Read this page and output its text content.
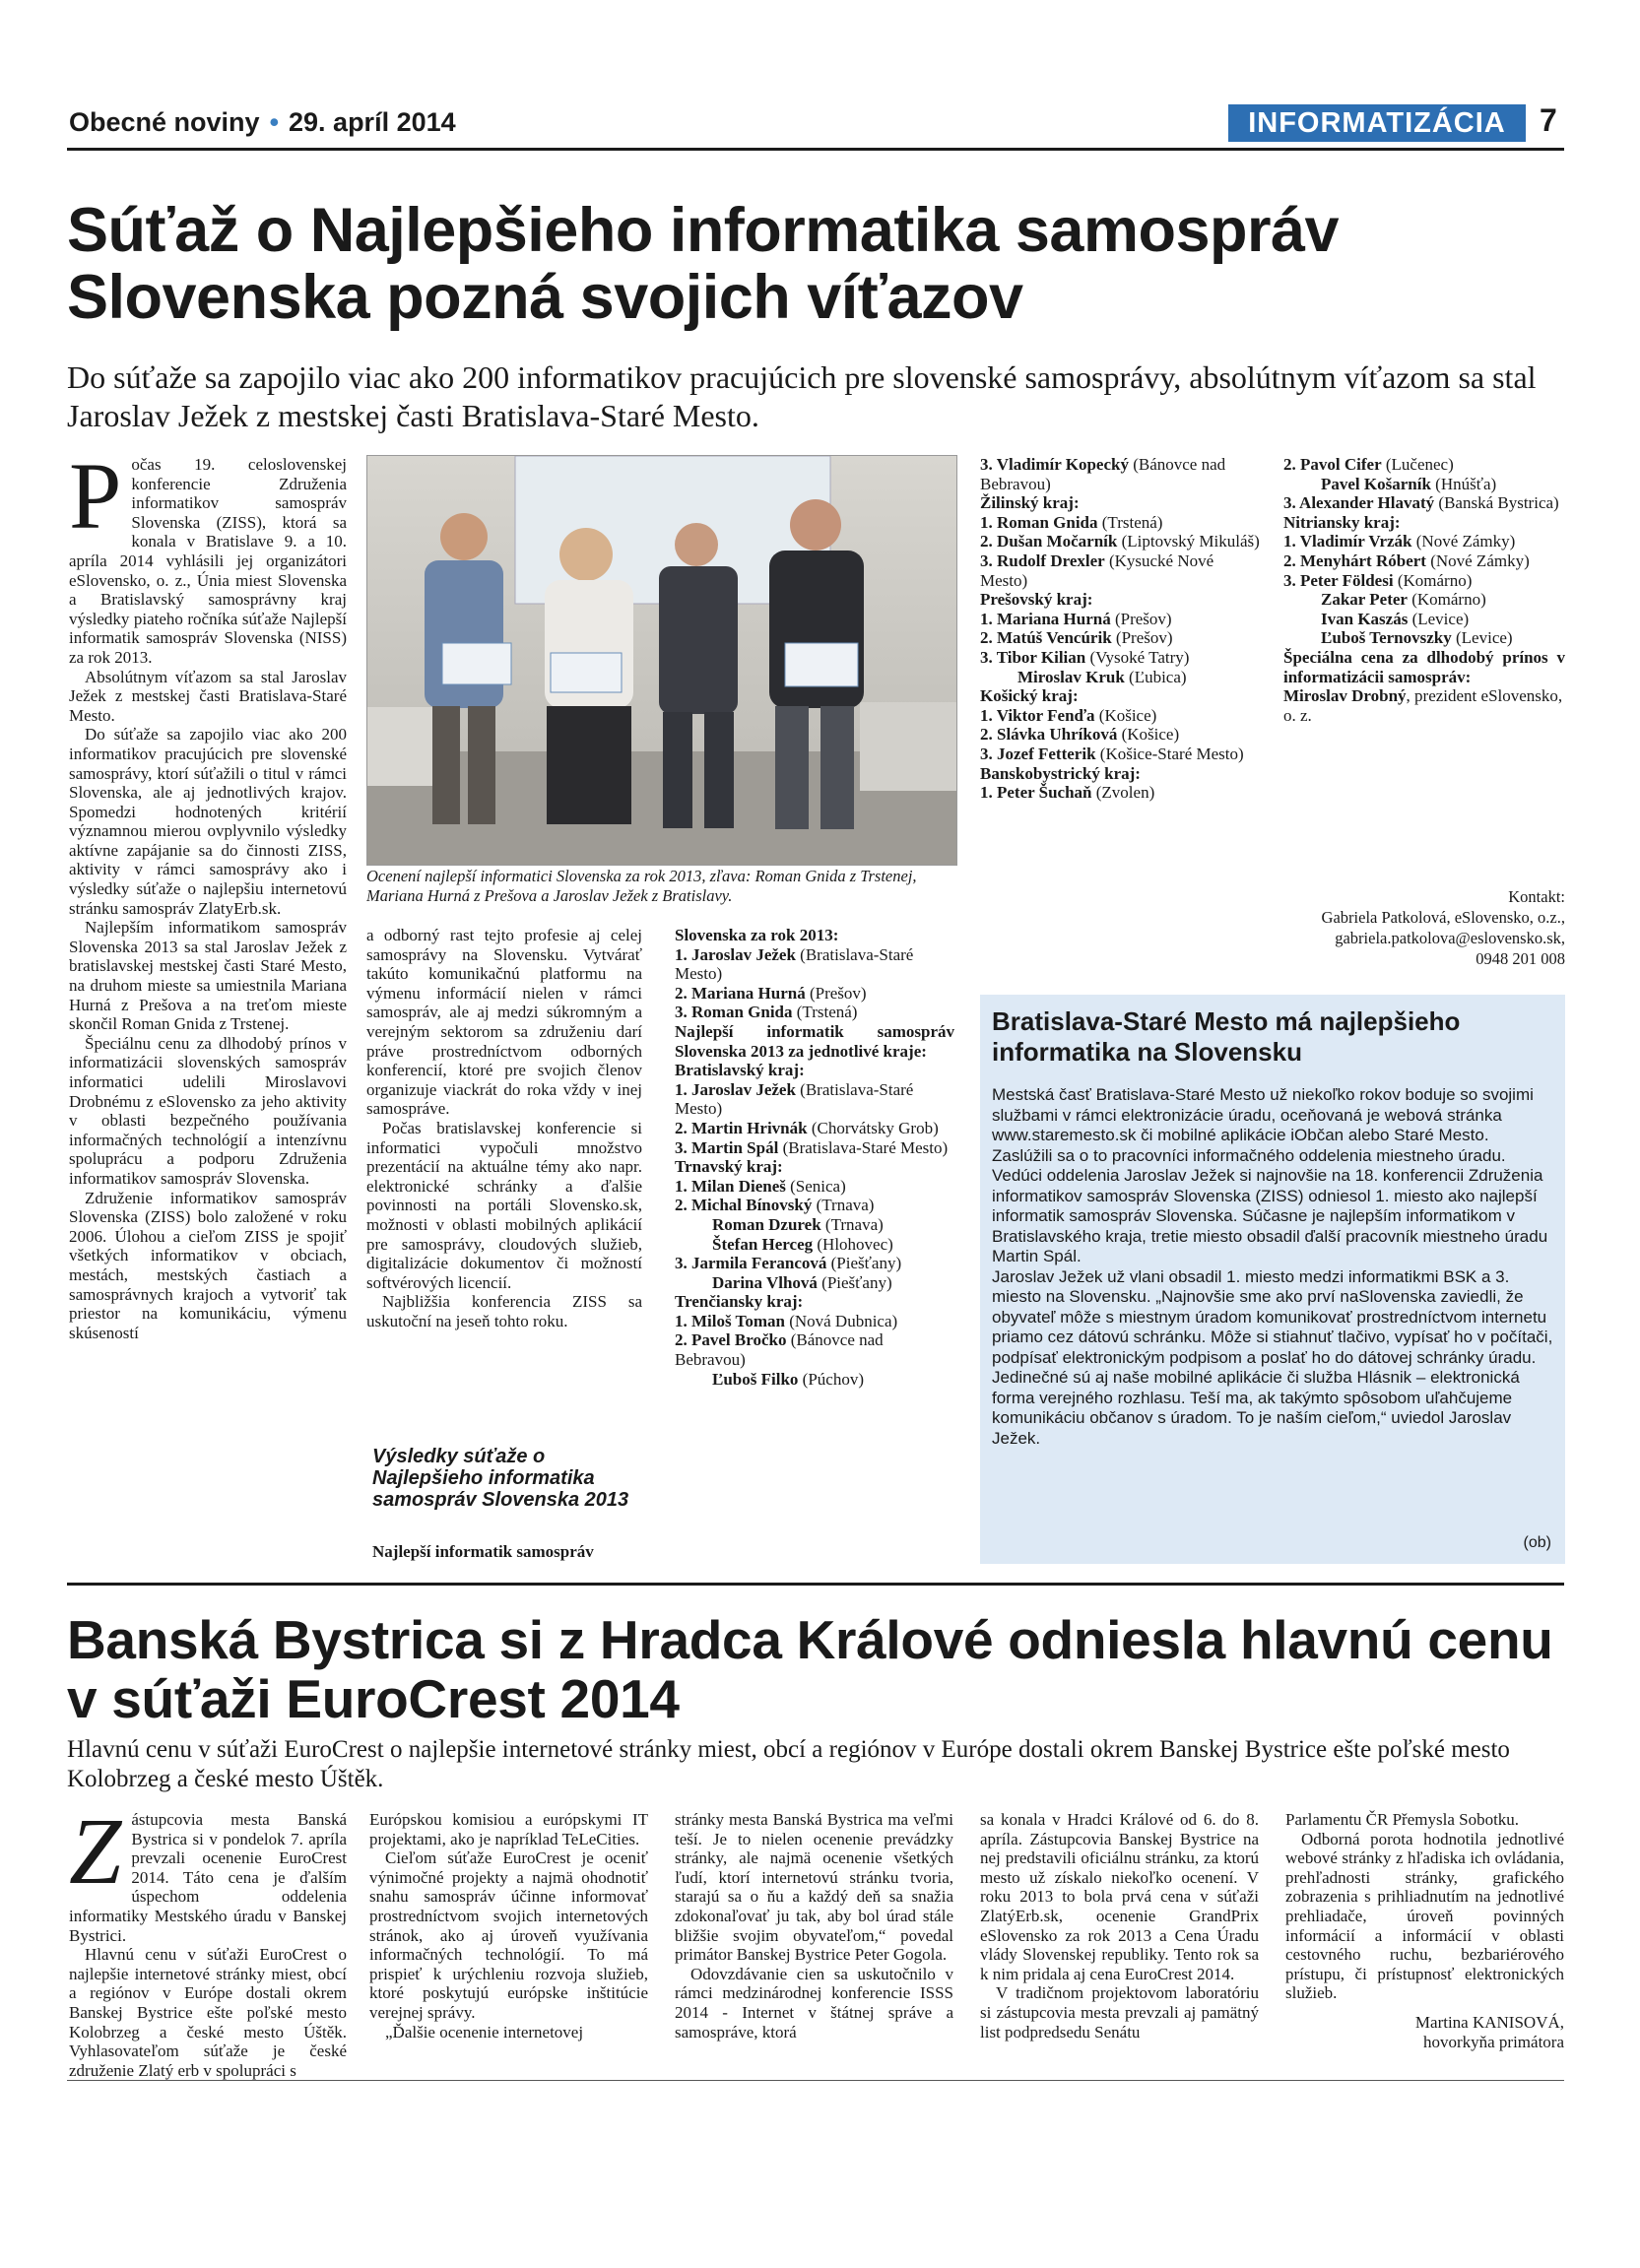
Obecné noviny • 29. apríl 2014	INFORMATIZÁCIA	7
Súťaž o Najlepšieho informatika samospráv Slovenska pozná svojich víťazov

Do súťaže sa zapojilo viac ako 200 informatikov pracujúcich pre slovenské samosprávy, absolútnym víťazom sa stal Jaroslav Ježek z mestskej časti Bratislava-Staré Mesto.

Počas 19. celoslovenskej konferencie Združenia informatikov samospráv Slovenska (ZISS), ktorá sa konala v Bratislave 9. a 10. apríla 2014 vyhlásili jej organizátori eSlovensko, o. z., Únia miest Slovenska a Bratislavský samosprávny kraj výsledky piateho ročníka súťaže Najlepší informatik samospráv Slovenska (NISS) za rok 2013.

Absolútnym víťazom sa stal Jaroslav Ježek z mestskej časti Bratislava-Staré Mesto.

Do súťaže sa zapojilo viac ako 200 informatikov pracujúcich pre slovenské samosprávy, ktorí súťažili o titul v rámci Slovenska, ale aj jednotlivých krajov. Spomedzi hodnotených kritérií významnou mierou ovplyvnilo výsledky aktívne zapájanie sa do činnosti ZISS, aktivity v rámci samosprávy ako i výsledky súťaže o najlepšiu internetovú stránku samospráv ZlatyErb.sk.

Najlepším informatikom samospráv Slovenska 2013 sa stal Jaroslav Ježek z bratislavskej mestskej časti Staré Mesto, na druhom mieste sa umiestnila Mariana Hurná z Prešova a na treťom mieste skončil Roman Gnida z Trstenej.

Špeciálnu cenu za dlhodobý prínos v informatizácii slovenských samospráv informatici udelili Miroslavovi Drobnému z eSlovensko za jeho aktivity v oblasti bezpečného používania informačných technológií a intenzívnu spoluprácu a podporu Združenia informatikov samospráv Slovenska.

Združenie informatikov samospráv Slovenska (ZISS) bolo založené v roku 2006. Úlohou a cieľom ZISS je spojiť všetkých informatikov v obciach, mestách, mestských častiach a samosprávnych krajoch a vytvoriť tak priestor na komunikáciu, výmenu skúseností

Ocenení najlepší informatici Slovenska za rok 2013, zľava: Roman Gnida z Trstenej, Mariana Hurná z Prešova a Jaroslav Ježek z Bratislavy.

a odborný rast tejto profesie aj celej samosprávy na Slovensku. Vytvárať takúto komunikačnú platformu na výmenu informácií nielen v rámci samospráv, ale aj medzi súkromným a verejným sektorom sa združeniu darí práve prostredníctvom odborných konferencií, ktoré pre svojich členov organizuje viackrát do roka vždy v inej samospráve.

Počas bratislavskej konferencie si informatici vypočuli množstvo prezentácií na aktuálne témy ako napr. elektronické schránky a ďalšie povinnosti na portáli Slovensko.sk, možnosti v oblasti mobilných aplikácií pre samosprávy, cloudových služieb, digitalizácie dokumentov či možností softvérových licencií.

Najbližšia konferencia ZISS sa uskutoční na jeseň tohto roku.

Výsledky súťaže o Najlepšieho informatika samospráv Slovenska 2013

Najlepší informatik samospráv

Slovenska za rok 2013:

1. Jaroslav Ježek (Bratislava-Staré Mesto)

2. Mariana Hurná (Prešov)

3. Roman Gnida (Trstená)

Najlepší informatik samospráv Slovenska 2013 za jednotlivé kraje:

Bratislavský kraj:

1. Jaroslav Ježek (Bratislava-Staré Mesto)

2. Martin Hrivnák (Chorvátsky Grob)

3. Martin Spál (Bratislava-Staré Mesto)

Trnavský kraj:

1. Milan Dieneš (Senica)

2. Michal Bínovský (Trnava)

Roman Dzurek (Trnava)

Štefan Herceg (Hlohovec)

3. Jarmila Ferancová (Piešťany)

Darina Vlhová (Piešťany)

Trenčiansky kraj:

1. Miloš Toman (Nová Dubnica)

2. Pavel Bročko (Bánovce nad Bebravou)

Ľuboš Filko (Púchov)

3. Vladimír Kopecký (Bánovce nad Bebravou)

Žilinský kraj:

1. Roman Gnida (Trstená)

2. Dušan Močarník (Liptovský Mikuláš)

3. Rudolf Drexler (Kysucké Nové Mesto)

Prešovský kraj:

1. Mariana Hurná (Prešov)

2. Matúš Vencúrik (Prešov)

3. Tibor Kilian (Vysoké Tatry)

Miroslav Kruk (Ľubica)

Košický kraj:

1. Viktor Fenďa (Košice)

2. Slávka Uhríková (Košice)

3. Jozef Fetterik (Košice-Staré Mesto)

Banskobystrický kraj:

1. Peter Šuchaň (Zvolen)

2. Pavol Cifer (Lučenec)

Pavel Košarník (Hnúšťa)

3. Alexander Hlavatý (Banská Bystrica)

Nitriansky kraj:

1. Vladimír Vrzák (Nové Zámky)

2. Menyhárt Róbert (Nové Zámky)

3. Peter Földesi (Komárno)

Zakar Peter (Komárno)

Ivan Kaszás (Levice)

Ľuboš Ternovszky (Levice)

Špeciálna cena za dlhodobý prínos v informatizácii samospráv:

Miroslav Drobný, prezident eSlovensko, o. z.

Kontakt:
Gabriela Patkolová, eSlovensko, o.z.,
gabriela.patkolova@eslovensko.sk,
0948 201 008
Bratislava-Staré Mesto má najlepšieho informatika na Slovensku

Mestská časť Bratislava-Staré Mesto už niekoľko rokov boduje so svojimi službami v rámci elektronizácie úradu, oceňovaná je webová stránka www.staremesto.sk či mobilné aplikácie iObčan alebo Staré Mesto. Zaslúžili sa o to pracovníci informačného oddelenia miestneho úradu. Vedúci oddelenia Jaroslav Ježek si najnovšie na 18. konferencii Združenia informatikov samospráv Slovenska (ZISS) odniesol 1. miesto ako najlepší informatik samospráv Slovenska. Súčasne je najlepším informatikom v Bratislavského kraja, tretie miesto obsadil ďalší pracovník miestneho úradu Martin Spál.

Jaroslav Ježek už vlani obsadil 1. miesto medzi informatikmi BSK a 3. miesto na Slovensku. „Najnovšie sme ako prví naSlovenska zaviedli, že obyvateľ môže s miestnym úradom komunikovať prostredníctvom internetu priamo cez dátovú schránku. Môže si stiahnuť tlačivo, vypísať ho v počítači, podpísať elektronickým podpisom a poslať ho do dátovej schránky úradu. Jedinečné sú aj naše mobilné aplikácie či služba Hlásnik – elektronická forma verejného rozhlasu. Teší ma, ak takýmto spôsobom uľahčujeme komunikáciu občanov s úradom. To je naším cieľom,“ uviedol Jaroslav Ježek.

(ob)
Banská Bystrica si z Hradca Králové odniesla hlavnú cenu v súťaži EuroCrest 2014

Hlavnú cenu v súťaži EuroCrest o najlepšie internetové stránky miest, obcí a regiónov v Európe dostali okrem Banskej Bystrice ešte poľské mesto Kolobrzeg a české mesto Úštěk.

Zástupcovia mesta Banská Bystrica si v pondelok 7. apríla prevzali ocenenie EuroCrest 2014. Táto cena je ďalším úspechom oddelenia informatiky Mestského úradu v Banskej Bystrici.

Hlavnú cenu v súťaži EuroCrest o najlepšie internetové stránky miest, obcí a regiónov v Európe dostali okrem Banskej Bystrice ešte poľské mesto Kolobrzeg a české mesto Úštěk. Vyhlasovateľom súťaže je české združenie Zlatý erb v spolupráci s

Európskou komisiou a európskymi IT projektami, ako je napríklad TeLeCities.

Cieľom súťaže EuroCrest je oceniť výnimočné projekty a najmä ohodnotiť snahu samospráv účinne informovať prostredníctvom svojich internetových stránok, ako aj úroveň využívania informačných technológií. To má prispieť k urýchleniu rozvoja služieb, ktoré poskytujú európske inštitúcie verejnej správy.

„Ďalšie ocenenie internetovej

stránky mesta Banská Bystrica ma veľmi teší. Je to nielen ocenenie prevádzky stránky, ale najmä ocenenie všetkých ľudí, ktorí internetovú stránku tvoria, starajú sa o ňu a každý deň sa snažia zdokonaľovať ju tak, aby bol úrad stále bližšie svojim obyvateľom,“ povedal primátor Banskej Bystrice Peter Gogola.

Odovzdávanie cien sa uskutočnilo v rámci medzinárodnej konferencie ISSS 2014 - Internet v štátnej správe a samospráve, ktorá

sa konala v Hradci Králové od 6. do 8. apríla. Zástupcovia Banskej Bystrice na nej predstavili oficiálnu stránku, za ktorú mesto už získalo niekoľko ocenení. V roku 2013 to bola prvá cena v súťaži ZlatýErb.sk, ocenenie GrandPrix eSlovensko za rok 2013 a Cena Úradu vlády Slovenskej republiky. Tento rok sa k nim pridala aj cena EuroCrest 2014.

V tradičnom projektovom laboratóriu si zástupcovia mesta prevzali aj pamätný list podpredsedu Senátu

Parlamentu ČR Přemysla Sobotku.

Odborná porota hodnotila jednotlivé webové stránky z hľadiska ich ovládania, prehľadnosti stránky, grafického zobrazenia s prihliadnutím na jednotlivé prehliadače, úroveň povinných informácií a informácií v oblasti cestovného ruchu, bezbariérového prístupu, či prístupnosť elektronických služieb.

Martina KANISOVÁ,
hovorkyňa primátora
